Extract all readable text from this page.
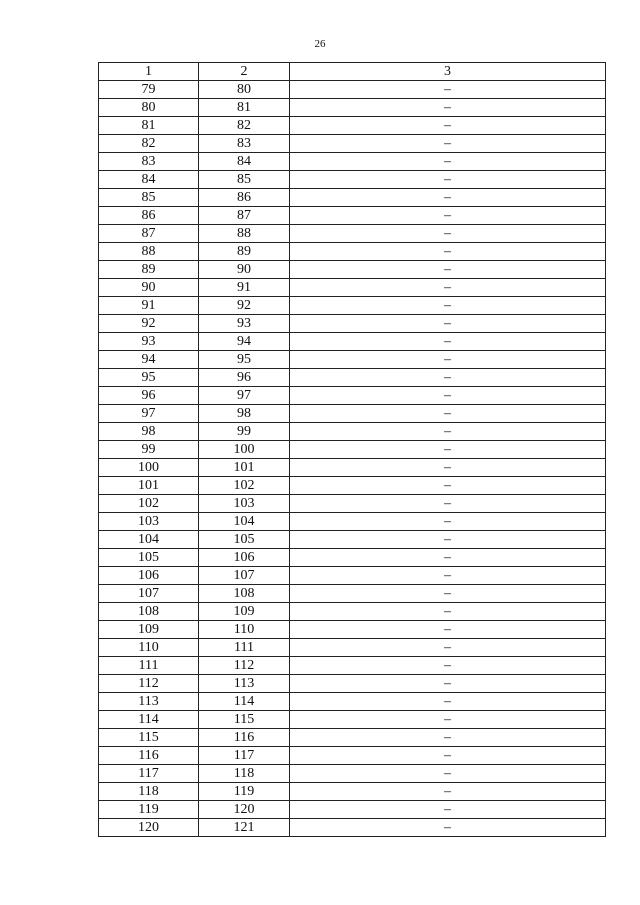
26
1	2	3
79	80	–
80	81	–
81	82	–
82	83	–
83	84	–
84	85	–
85	86	–
86	87	–
87	88	–
88	89	–
89	90	–
90	91	–
91	92	–
92	93	–
93	94	–
94	95	–
95	96	–
96	97	–
97	98	–
98	99	–
99	100	–
100	101	–
101	102	–
102	103	–
103	104	–
104	105	–
105	106	–
106	107	–
107	108	–
108	109	–
109	110	–
110	111	–
111	112	–
112	113	–
113	114	–
114	115	–
115	116	–
116	117	–
117	118	–
118	119	–
119	120	–
120	121	–
